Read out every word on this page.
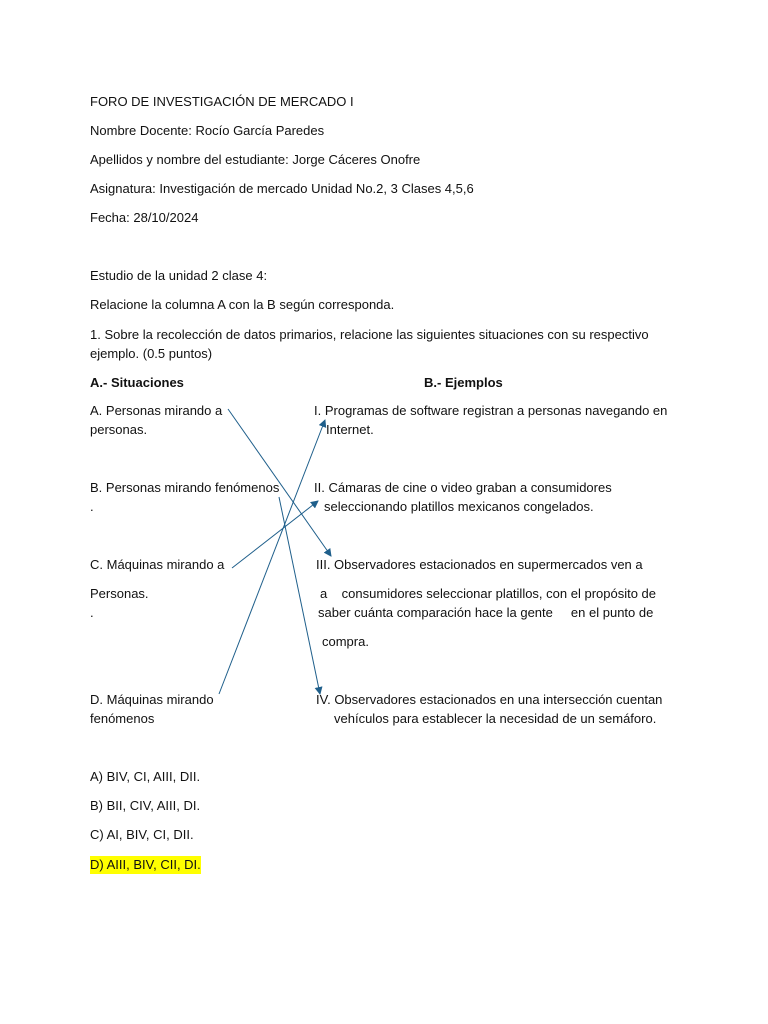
FORO DE INVESTIGACIÓN DE MERCADO I
Nombre Docente: Rocío García Paredes
Apellidos y nombre del estudiante: Jorge Cáceres Onofre
Asignatura: Investigación de mercado Unidad No.2, 3 Clases 4,5,6
Fecha: 28/10/2024
Estudio de la unidad 2 clase 4:
Relacione la columna A con la B según corresponda.
1. Sobre la recolección de datos primarios, relacione las siguientes situaciones con su respectivo
ejemplo. (0.5 puntos)
A.- Situaciones	B.- Ejemplos
A. Personas mirando a
personas.
B. Personas mirando fenómenos
.
C. Máquinas mirando a
Personas.
.
D. Máquinas mirando
fenómenos
I. Programas de software registran a personas navegando en
Internet.
II. Cámaras de cine o video graban a consumidores
seleccionando platillos mexicanos congelados.
III. Observadores estacionados en supermercados ven a
a    consumidores seleccionar platillos, con el propósito de
saber cuánta comparación hace la gente     en el punto de
compra.
IV. Observadores estacionados en una intersección cuentan
vehículos para establecer la necesidad de un semáforo.
A) BIV, CI, AIII, DII.
B) BII, CIV, AIII, DI.
C) AI, BIV, CI, DII.
D) AIII, BIV, CII, DI.
